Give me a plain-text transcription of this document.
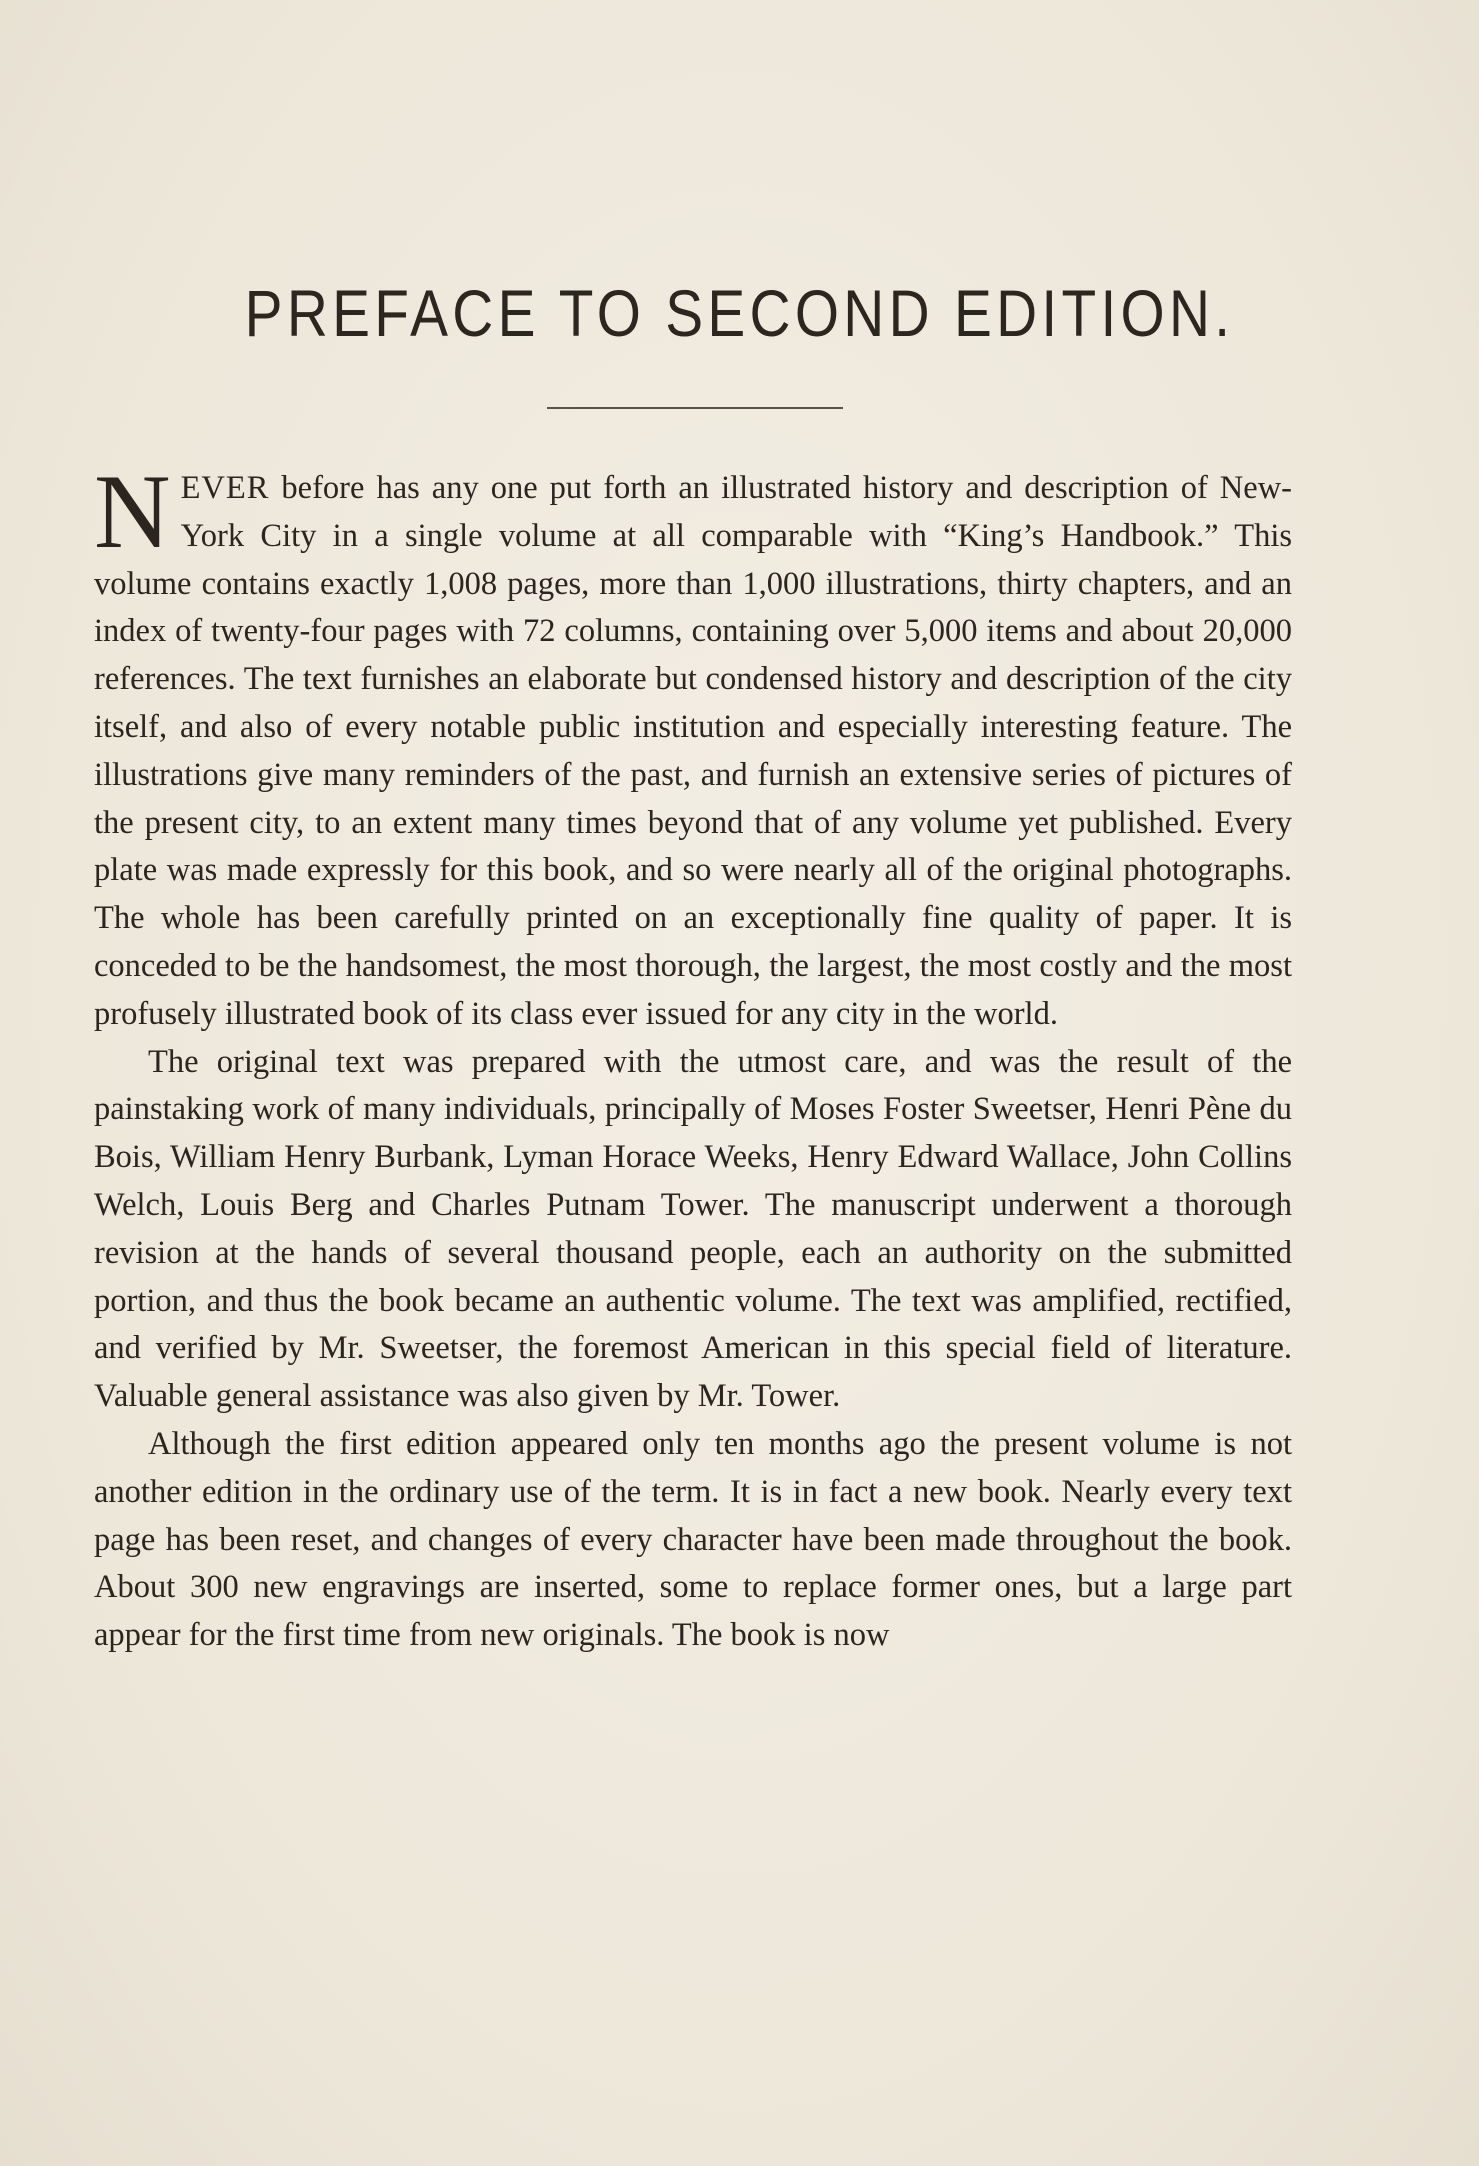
PREFACE TO SECOND EDITION.

NEVER before has any one put forth an illustrated history and description of New-York City in a single volume at all comparable with “King’s Handbook.” This volume contains exactly 1,008 pages, more than 1,000 illustrations, thirty chapters, and an index of twenty-four pages with 72 columns, containing over 5,000 items and about 20,000 references. The text furnishes an elaborate but condensed history and description of the city itself, and also of every notable public institution and especially interesting feature. The illustrations give many reminders of the past, and furnish an extensive series of pictures of the present city, to an extent many times beyond that of any volume yet published. Every plate was made expressly for this book, and so were nearly all of the original photographs. The whole has been carefully printed on an exceptionally fine quality of paper. It is conceded to be the handsomest, the most thorough, the largest, the most costly and the most profusely illustrated book of its class ever issued for any city in the world.

The original text was prepared with the utmost care, and was the result of the painstaking work of many individuals, principally of Moses Foster Sweetser, Henri Pène du Bois, William Henry Burbank, Lyman Horace Weeks, Henry Edward Wallace, John Collins Welch, Louis Berg and Charles Putnam Tower. The manuscript underwent a thorough revision at the hands of several thousand people, each an authority on the submitted portion, and thus the book became an authentic volume. The text was amplified, rectified, and verified by Mr. Sweetser, the foremost American in this special field of literature. Valuable general assistance was also given by Mr. Tower.

Although the first edition appeared only ten months ago the present volume is not another edition in the ordinary use of the term. It is in fact a new book. Nearly every text page has been reset, and changes of every character have been made throughout the book. About 300 new engravings are inserted, some to replace former ones, but a large part appear for the first time from new originals. The book is now
